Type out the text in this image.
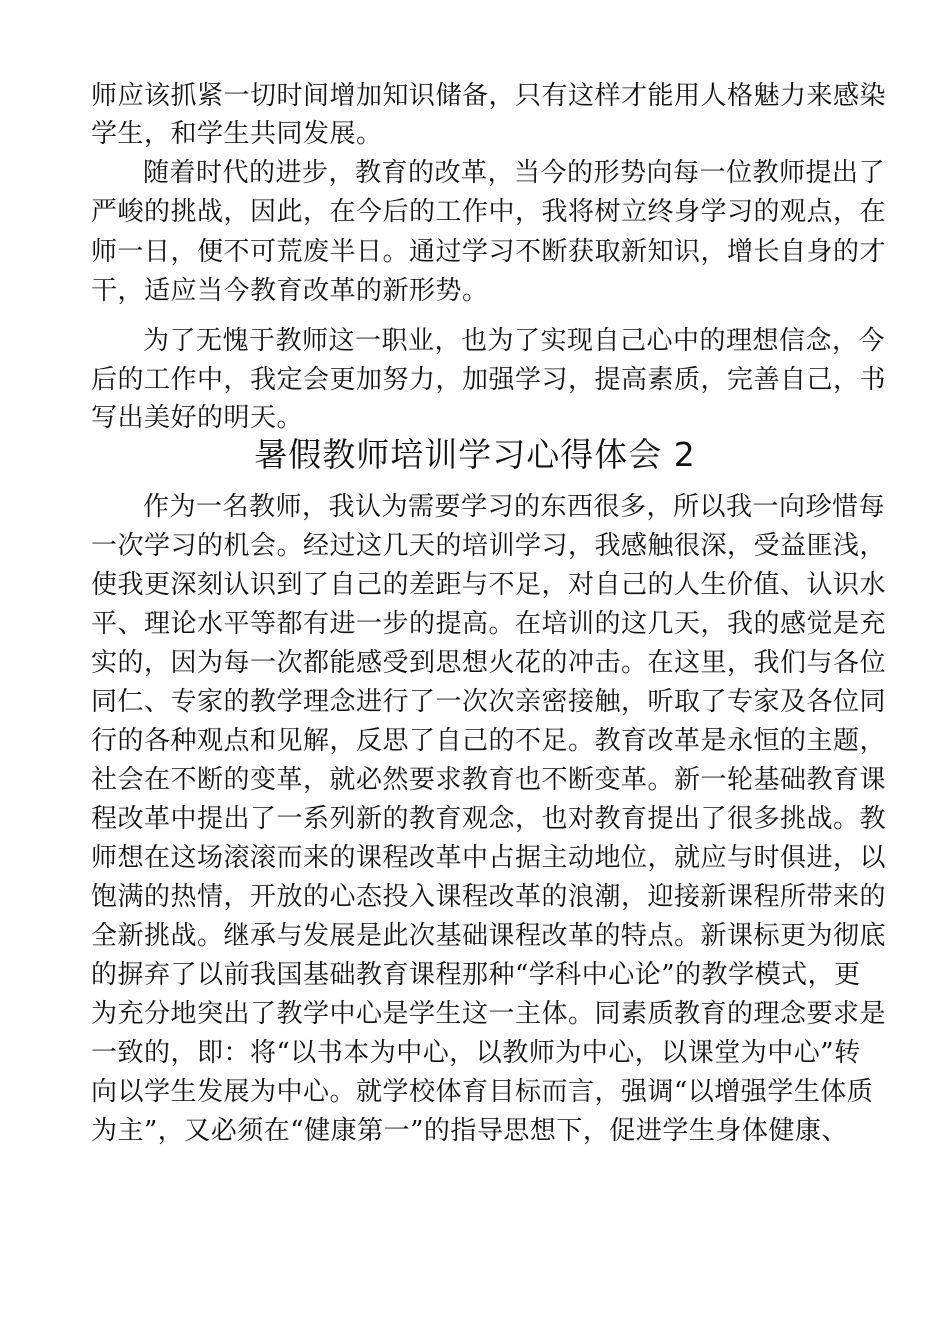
师应该抓紧一切时间增加知识储备，只有这样才能用人格魅力来感染
学生，和学生共同发展。
随着时代的进步，教育的改革，当今的形势向每一位教师提出了
严峻的挑战，因此，在今后的工作中，我将树立终身学习的观点，在
师一日，便不可荒废半日。通过学习不断获取新知识，增长自身的才
干，适应当今教育改革的新形势。
为了无愧于教师这一职业，也为了实现自己心中的理想信念，今
后的工作中，我定会更加努力，加强学习，提高素质，完善自己，书
写出美好的明天。
暑假教师培训学习心得体会 2
作为一名教师，我认为需要学习的东西很多，所以我一向珍惜每
一次学习的机会。经过这几天的培训学习，我感触很深，受益匪浅，
使我更深刻认识到了自己的差距与不足，对自己的人生价值、认识水
平、理论水平等都有进一步的提高。在培训的这几天，我的感觉是充
实的，因为每一次都能感受到思想火花的冲击。在这里，我们与各位
同仁、专家的教学理念进行了一次次亲密接触，听取了专家及各位同
行的各种观点和见解，反思了自己的不足。教育改革是永恒的主题，
社会在不断的变革，就必然要求教育也不断变革。新一轮基础教育课
程改革中提出了一系列新的教育观念，也对教育提出了很多挑战。教
师想在这场滚滚而来的课程改革中占据主动地位，就应与时俱进，以
饱满的热情，开放的心态投入课程改革的浪潮，迎接新课程所带来的
全新挑战。继承与发展是此次基础课程改革的特点。新课标更为彻底
的摒弃了以前我国基础教育课程那种“学科中心论”的教学模式，更
为充分地突出了教学中心是学生这一主体。同素质教育的理念要求是
一致的，即：将“以书本为中心，以教师为中心，以课堂为中心”转
向以学生发展为中心。就学校体育目标而言，强调“以增强学生体质
为主”，又必须在“健康第一”的指导思想下，促进学生身体健康、
